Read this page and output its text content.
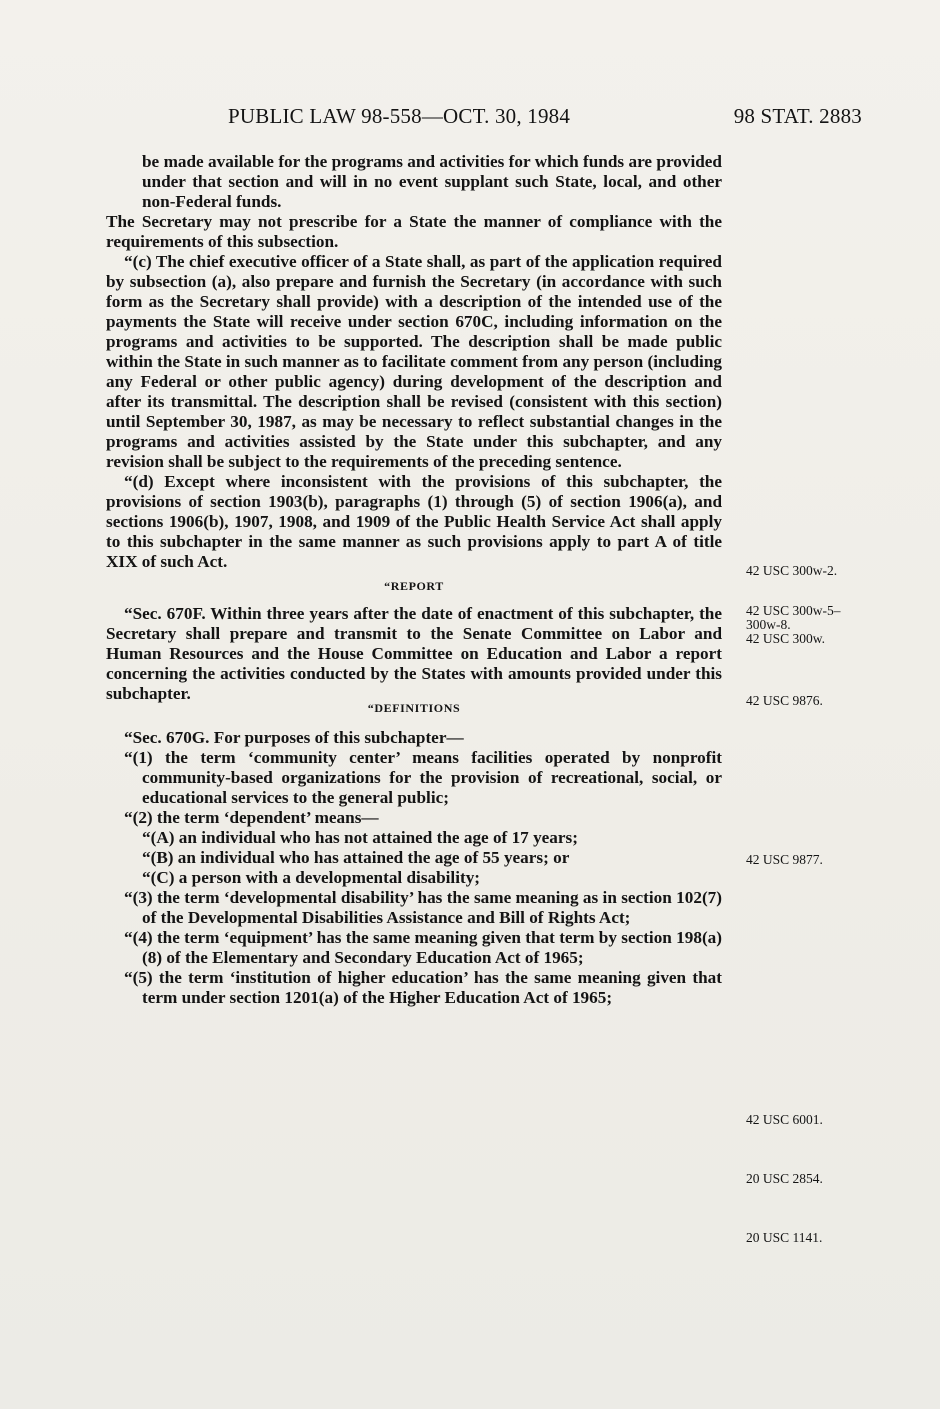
PUBLIC LAW 98-558—OCT. 30, 1984	98 STAT. 2883

be made available for the programs and activities for which funds are provided under that section and will in no event supplant such State, local, and other non-Federal funds.

The Secretary may not prescribe for a State the manner of compliance with the requirements of this subsection.

“(c) The chief executive officer of a State shall, as part of the application required by subsection (a), also prepare and furnish the Secretary (in accordance with such form as the Secretary shall provide) with a description of the intended use of the payments the State will receive under section 670C, including information on the programs and activities to be supported. The description shall be made public within the State in such manner as to facilitate comment from any person (including any Federal or other public agency) during development of the description and after its transmittal. The description shall be revised (consistent with this section) until September 30, 1987, as may be necessary to reflect substantial changes in the programs and activities assisted by the State under this subchapter, and any revision shall be subject to the requirements of the preceding sentence.

“(d) Except where inconsistent with the provisions of this subchapter, the provisions of section 1903(b), paragraphs (1) through (5) of section 1906(a), and sections 1906(b), 1907, 1908, and 1909 of the Public Health Service Act shall apply to this subchapter in the same manner as such provisions apply to part A of title XIX of such Act.

“REPORT

“Sec. 670F. Within three years after the date of enactment of this subchapter, the Secretary shall prepare and transmit to the Senate Committee on Labor and Human Resources and the House Committee on Education and Labor a report concerning the activities conducted by the States with amounts provided under this subchapter.

“DEFINITIONS

“Sec. 670G. For purposes of this subchapter—

“(1) the term ‘community center’ means facilities operated by nonprofit community-based organizations for the provision of recreational, social, or educational services to the general public;

“(2) the term ‘dependent’ means—

“(A) an individual who has not attained the age of 17 years;

“(B) an individual who has attained the age of 55 years; or

“(C) a person with a developmental disability;

“(3) the term ‘developmental disability’ has the same meaning as in section 102(7) of the Developmental Disabilities Assistance and Bill of Rights Act;

“(4) the term ‘equipment’ has the same meaning given that term by section 198(a)(8) of the Elementary and Secondary Education Act of 1965;

“(5) the term ‘institution of higher education’ has the same meaning given that term under section 1201(a) of the Higher Education Act of 1965;

42 USC 300w-2.
42 USC 300w-5–300w-8.
42 USC 300w.
42 USC 9876.
42 USC 9877.
42 USC 6001.
20 USC 2854.
20 USC 1141.
